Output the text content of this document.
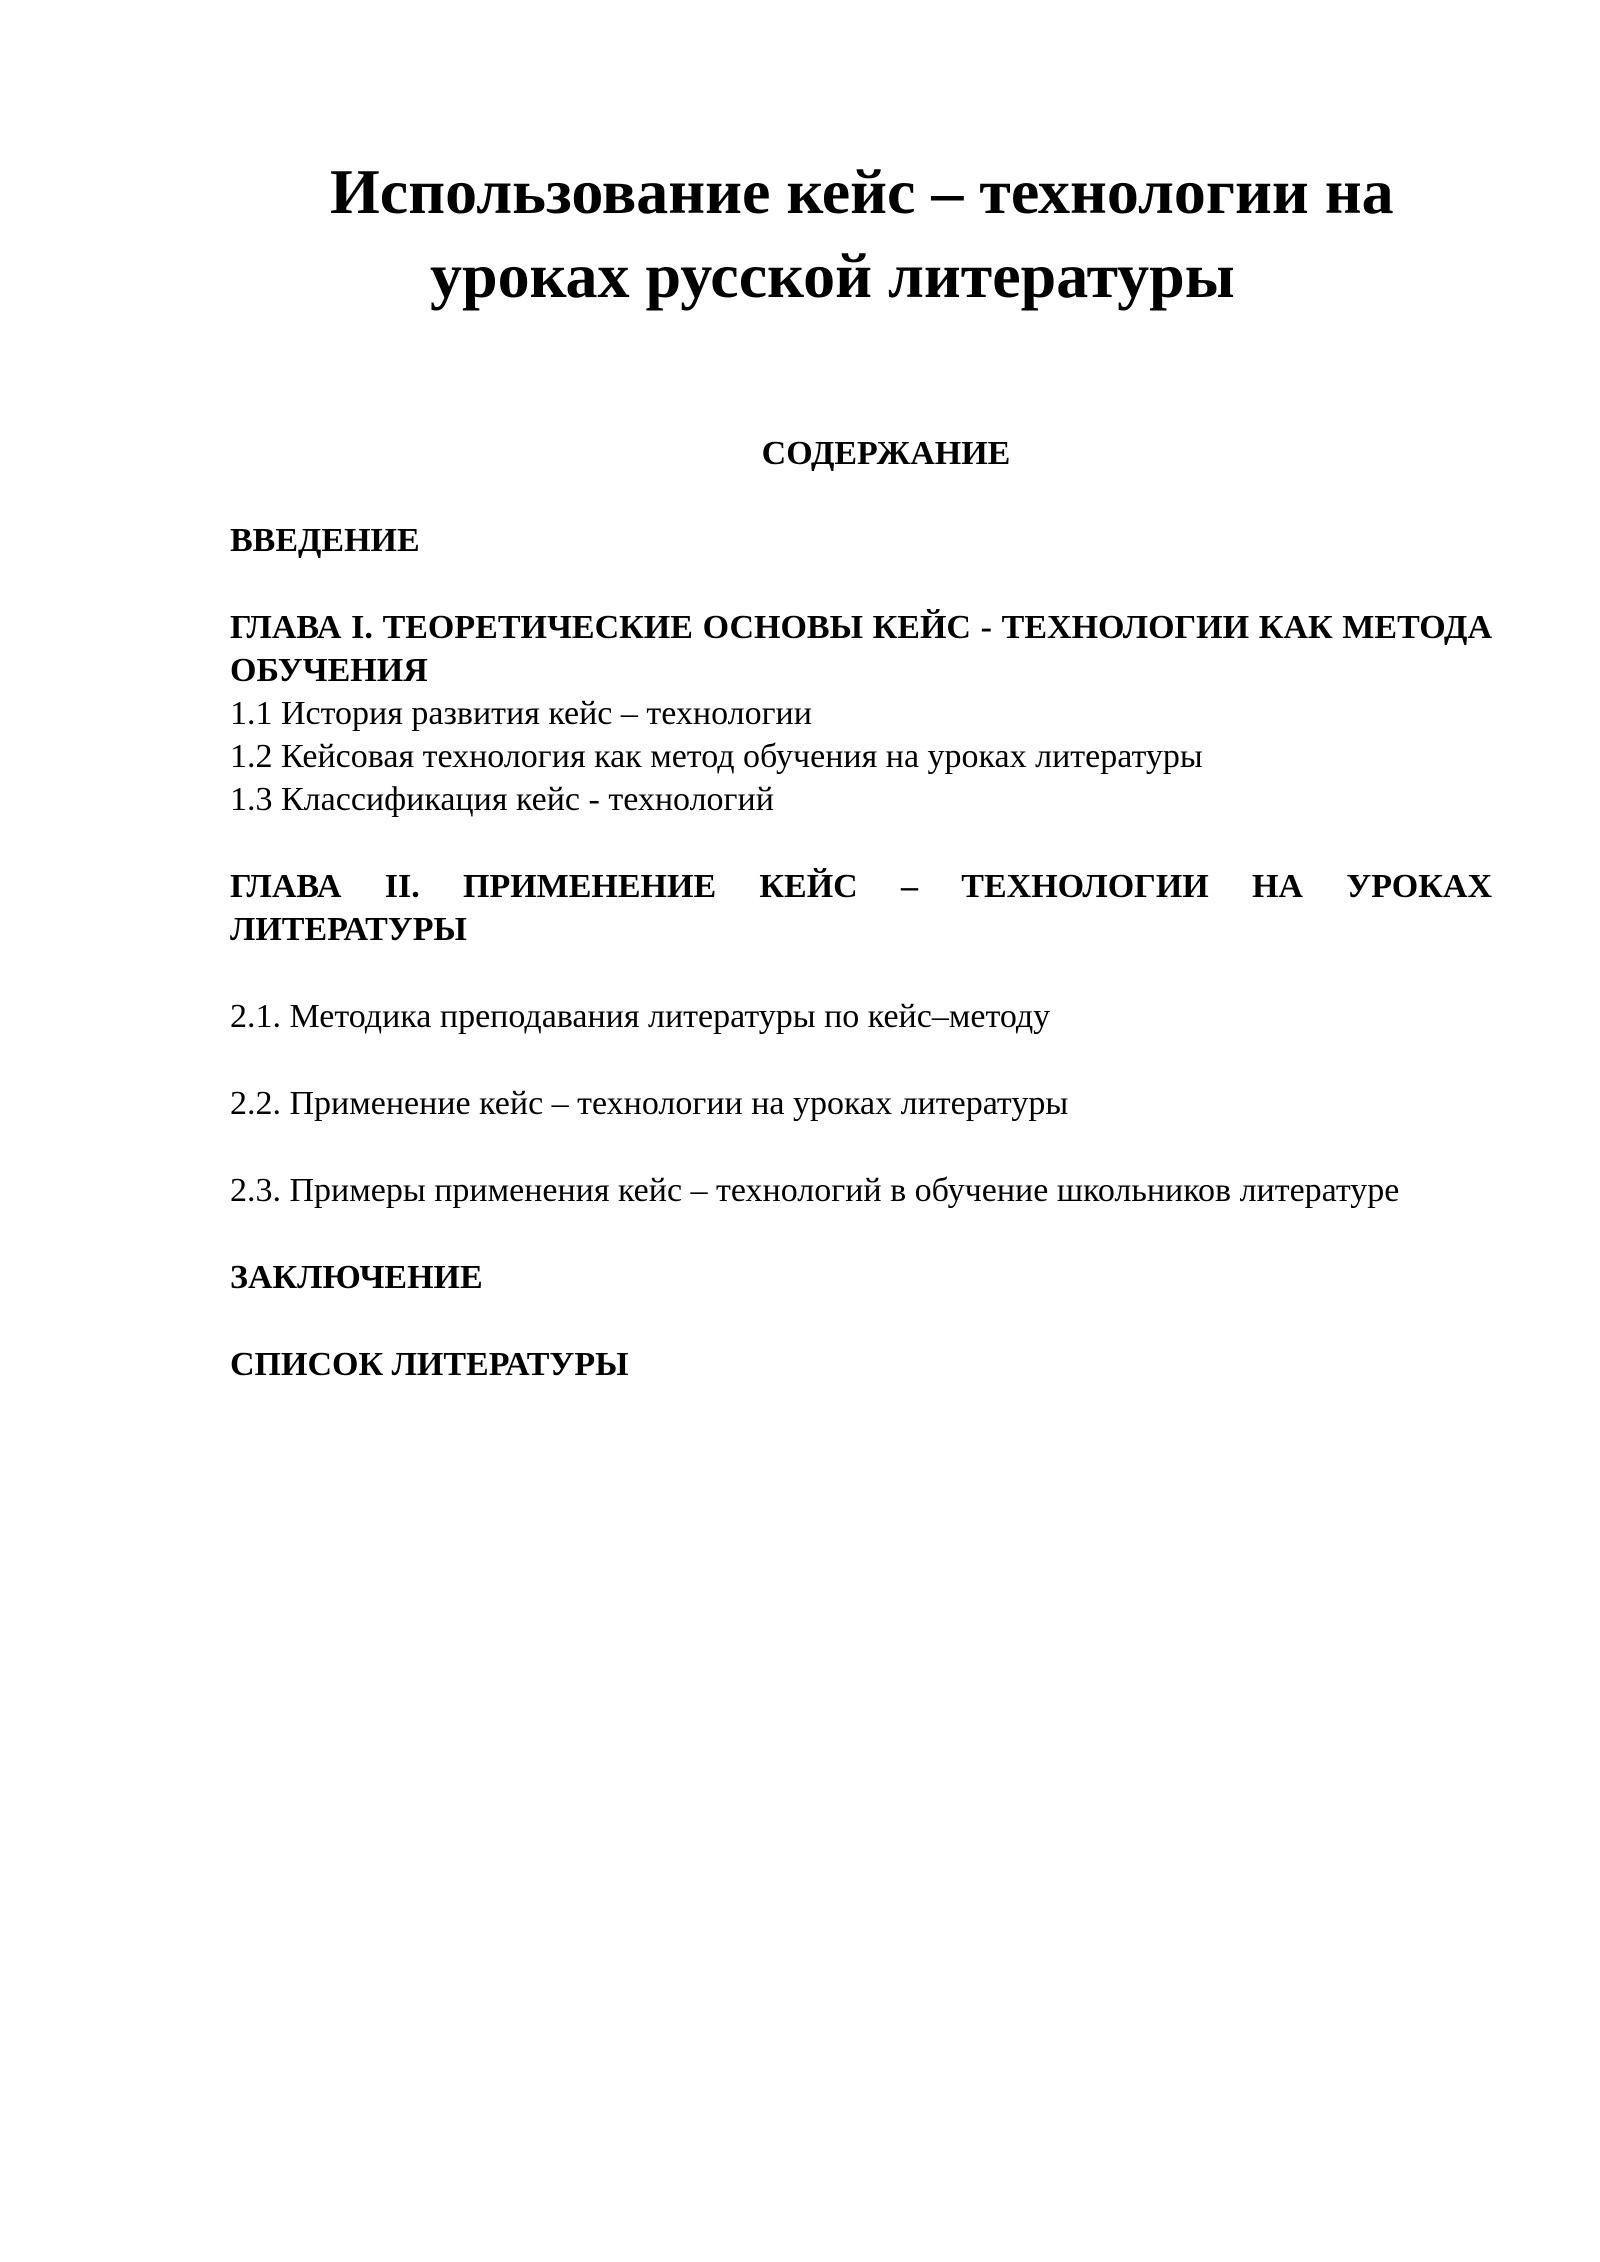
Использование кейс – технологии на
уроках русской литературы
СОДЕРЖАНИЕ
ВВЕДЕНИЕ
ГЛАВА I. ТЕОРЕТИЧЕСКИЕ ОСНОВЫ КЕЙС - ТЕХНОЛОГИИ КАК МЕТОДА ОБУЧЕНИЯ
1.1 История развития кейс – технологии
1.2 Кейсовая технология как метод обучения на уроках литературы
1.3 Классификация кейс - технологий
ГЛАВА II. ПРИМЕНЕНИЕ КЕЙС – ТЕХНОЛОГИИ НА УРОКАХ ЛИТЕРАТУРЫ
2.1. Методика преподавания литературы по кейс–методу
2.2. Применение кейс – технологии на уроках литературы
2.3. Примеры применения кейс – технологий в обучение школьников литературе
ЗАКЛЮЧЕНИЕ
СПИСОК ЛИТЕРАТУРЫ
